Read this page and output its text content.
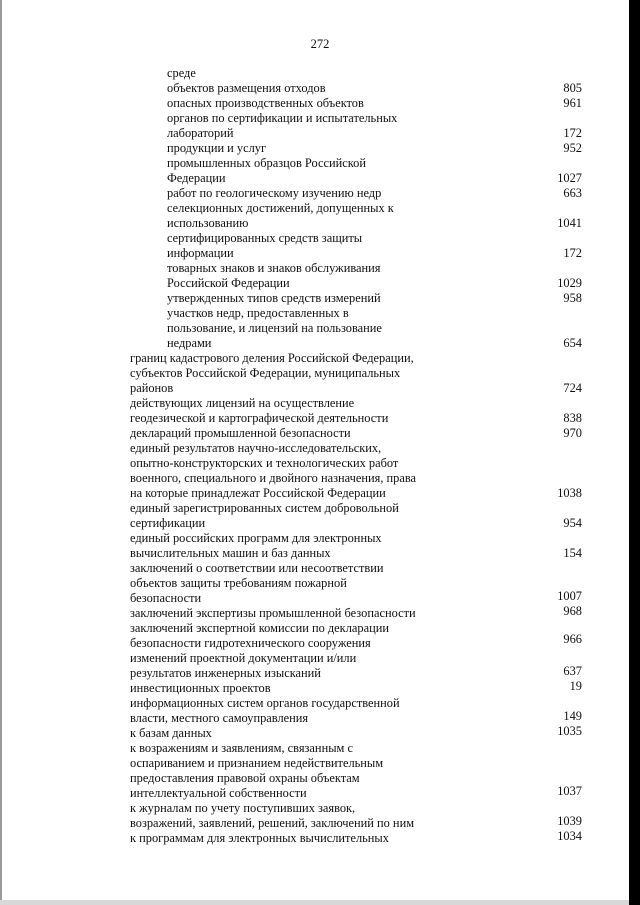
272
среде
объектов размещения отходов
опасных производственных объектов
органов по сертификации и испытательных
лабораторий
продукции и услуг
промышленных образцов Российской
Федерации
работ по геологическому изучению недр
селекционных достижений, допущенных к
использованию
сертифицированных средств защиты
информации
товарных знаков и знаков обслуживания
Российской Федерации
утвержденных типов средств измерений
участков недр, предоставленных в
пользование, и лицензий на пользование
недрами
границ кадастрового деления Российской Федерации,
субъектов Российской Федерации, муниципальных
районов
действующих лицензий на осуществление
геодезической и картографической деятельности
деклараций промышленной безопасности
единый результатов научно-исследовательских,
опытно-конструкторских и технологических работ
военного, специального и двойного назначения, права
на которые принадлежат Российской Федерации
единый зарегистрированных систем добровольной
сертификации
единый российских программ для электронных
вычислительных машин и баз данных
заключений о соответствии или несоответствии
объектов защиты требованиям пожарной
безопасности
заключений экспертизы промышленной безопасности
заключений экспертной комиссии по декларации
безопасности гидротехнического сооружения
изменений проектной документации и/или
результатов инженерных изысканий
инвестиционных проектов
информационных систем органов государственной
власти, местного самоуправления
к базам данных
к возражениям и заявлениям, связанным с
оспариванием и признанием недействительным
предоставления правовой охраны объектам
интеллектуальной собственности
к журналам по учету поступивших заявок,
возражений, заявлений, решений, заключений по ним
к программам для электронных вычислительных
805
961
172
952
1027
663
1041
172
1029
958
654
724
838
970
1038
954
154
1007
968
966
637
19
149
1035
1037
1039
1034
